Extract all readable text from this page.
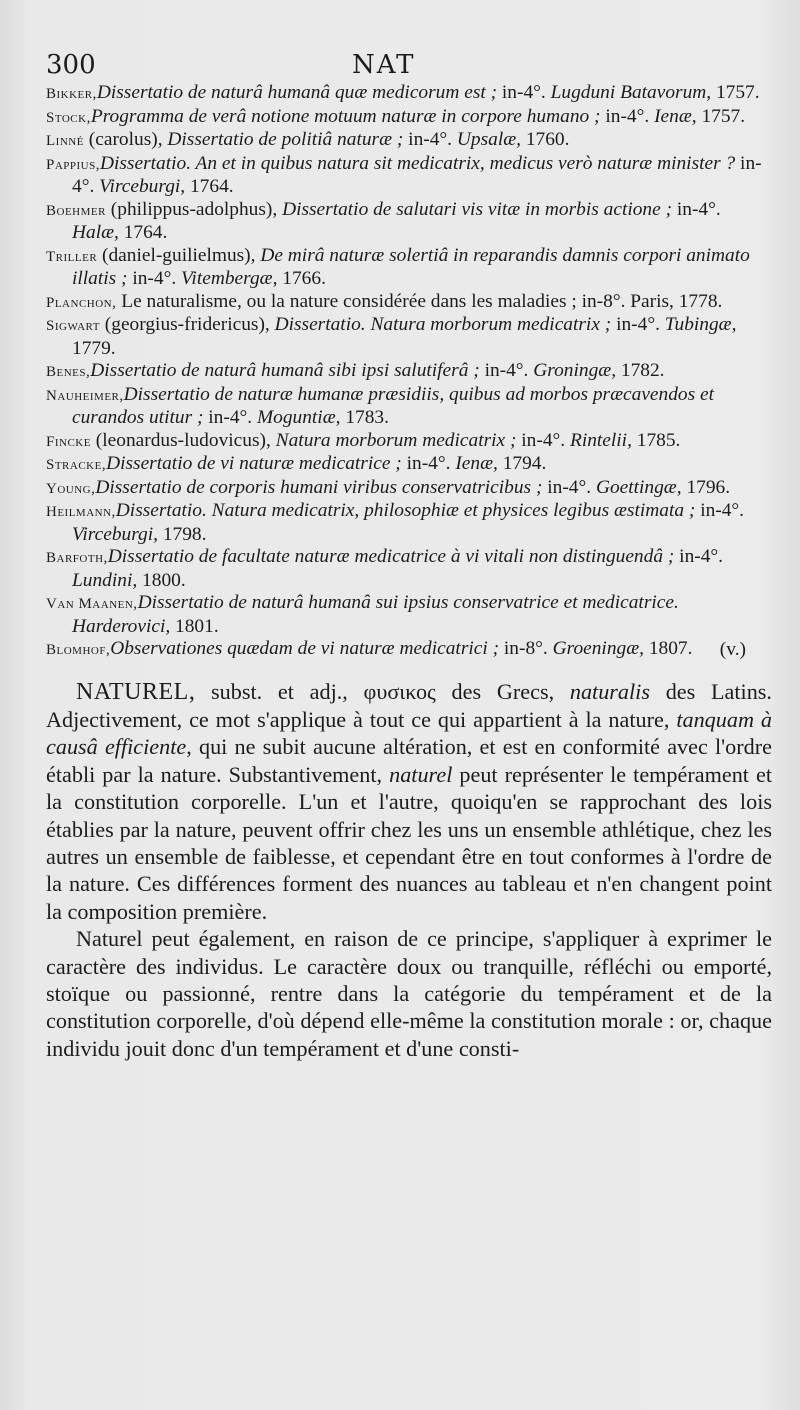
300	NAT
Bikker,Dissertatio de naturâ humanâ quæ medicorum est ; in-4°. Lugduni Batavorum, 1757.
Stock,Programma de verâ notione motuum naturæ in corpore humano ; in-4°. Ienæ, 1757.
Linné (carolus), Dissertatio de politiâ naturæ ; in-4°. Upsalæ, 1760.
Pappius,Dissertatio. An et in quibus natura sit medicatrix, medicus verò naturæ minister ? in-4°. Virceburgi, 1764.
Boehmer (philippus-adolphus), Dissertatio de salutari vis vitæ in morbis actione ; in-4°. Halæ, 1764.
Triller (daniel-guilielmus), De mirâ naturæ solertiâ in reparandis damnis corpori animato illatis ; in-4°. Vitembergæ, 1766.
Planchon, Le naturalisme, ou la nature considérée dans les maladies ; in-8°. Paris, 1778.
Sigwart (georgius-fridericus), Dissertatio. Natura morborum medicatrix ; in-4°. Tubingæ, 1779.
Benes,Dissertatio de naturâ humanâ sibi ipsi salutiferâ ; in-4°. Groningæ, 1782.
Nauheimer,Dissertatio de naturæ humanæ præsidiis, quibus ad morbos præcavendos et curandos utitur ; in-4°. Moguntiæ, 1783.
Fincke (leonardus-ludovicus), Natura morborum medicatrix ; in-4°. Rintelii, 1785.
Stracke,Dissertatio de vi naturæ medicatrice ; in-4°. Ienæ, 1794.
Young,Dissertatio de corporis humani viribus conservatricibus ; in-4°. Goettingæ, 1796.
Heilmann,Dissertatio. Natura medicatrix, philosophiæ et physices legibus æstimata ; in-4°. Virceburgi, 1798.
Barfoth,Dissertatio de facultate naturæ medicatrice à vi vitali non distinguendâ ; in-4°. Lundini, 1800.
Van Maanen,Dissertatio de naturâ humanâ sui ipsius conservatrice et medicatrice. Harderovici, 1801.
Blomhof,Observationes quædam de vi naturæ medicatrici ; in-8°. Groeningæ, 1807.	(v.)

NATUREL, subst. et adj., φυσικος des Grecs, naturalis des Latins. Adjectivement, ce mot s'applique à tout ce qui appartient à la nature, tanquam à causâ efficiente, qui ne subit aucune altération, et est en conformité avec l'ordre établi par la nature. Substantivement, naturel peut représenter le tempérament et la constitution corporelle. L'un et l'autre, quoiqu'en se rapprochant des lois établies par la nature, peuvent offrir chez les uns un ensemble athlétique, chez les autres un ensemble de faiblesse, et cependant être en tout conformes à l'ordre de la nature. Ces différences forment des nuances au tableau et n'en changent point la composition première.

Naturel peut également, en raison de ce principe, s'appliquer à exprimer le caractère des individus. Le caractère doux ou tranquille, réfléchi ou emporté, stoïque ou passionné, rentre dans la catégorie du tempérament et de la constitution corporelle, d'où dépend elle-même la constitution morale : or, chaque individu jouit donc d'un tempérament et d'une consti-
